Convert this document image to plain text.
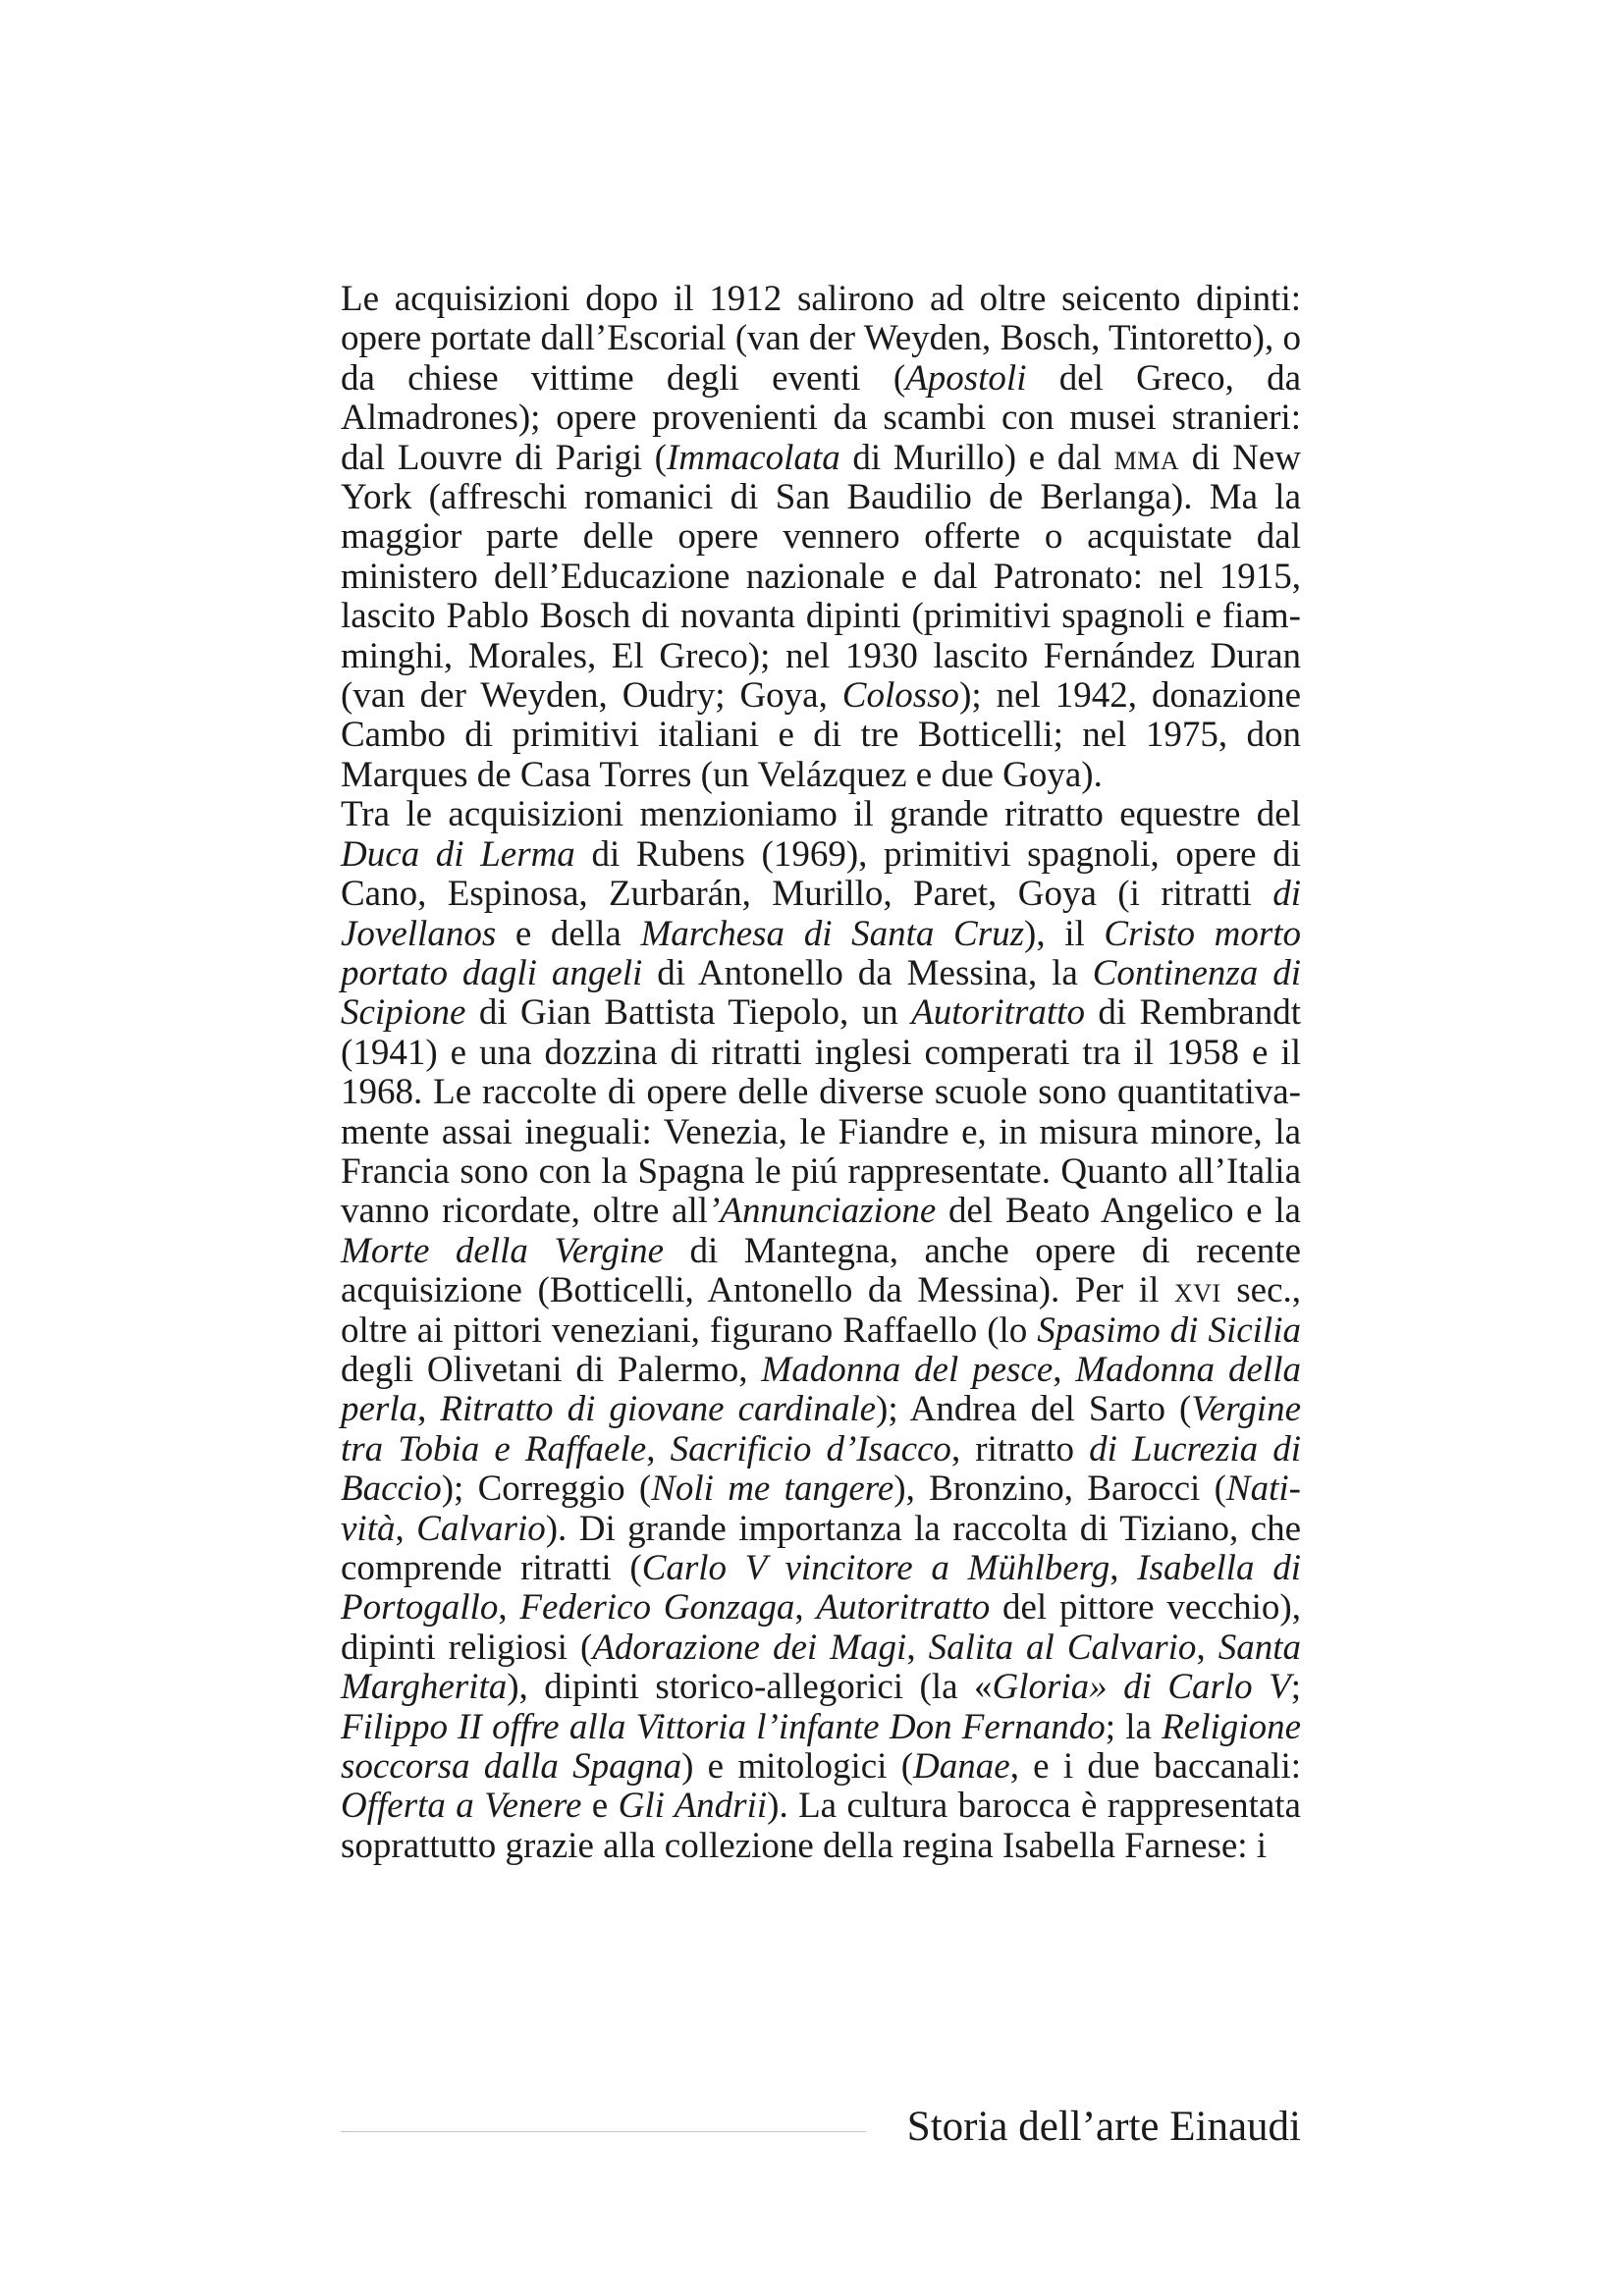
Le acquisizioni dopo il 1912 salirono ad oltre seicento dipinti: opere portate dall’Escorial (van der Weyden, Bosch, Tintoretto), o da chiese vittime degli eventi (Apostoli del Greco, da Almadrones); opere provenienti da scambi con musei stranieri: dal Louvre di Parigi (Immacolata di Murillo) e dal mma di New York (affreschi romanici di San Baudilio de Berlanga). Ma la maggior parte delle opere vennero offerte o acquistate dal ministero dell’Educazione nazionale e dal Patronato: nel 1915, lascito Pablo Bosch di novanta dipinti (primitivi spagnoli e fiamminghi, Morales, El Greco); nel 1930 lascito Fernández Duran (van der Weyden, Oudry; Goya, Colosso); nel 1942, donazione Cambo di primitivi italiani e di tre Botticelli; nel 1975, don Marques de Casa Torres (un Velázquez e due Goya).

Tra le acquisizioni menzioniamo il grande ritratto equestre del Duca di Lerma di Rubens (1969), primitivi spagnoli, opere di Cano, Espinosa, Zurbarán, Murillo, Paret, Goya (i ritratti di Jovellanos e della Marchesa di Santa Cruz), il Cristo morto portato dagli angeli di Antonello da Messina, la Continenza di Scipione di Gian Battista Tiepolo, un Autoritratto di Rembrandt (1941) e una dozzina di ritratti inglesi comperati tra il 1958 e il 1968. Le raccolte di opere delle diverse scuole sono quantitativamente assai ineguali: Venezia, le Fiandre e, in misura minore, la Francia sono con la Spagna le piú rappresentate. Quanto all’Italia vanno ricordate, oltre all’Annunciazione del Beato Angelico e la Morte della Vergine di Mantegna, anche opere di recente acquisizione (Botticelli, Antonello da Messina). Per il xvi sec., oltre ai pittori veneziani, figurano Raffaello (lo Spasimo di Sicilia degli Olivetani di Palermo, Madonna del pesce, Madonna della perla, Ritratto di giovane cardinale); Andrea del Sarto (Vergine tra Tobia e Raffaele, Sacrificio d’Isacco, ritratto di Lucrezia di Baccio); Correggio (Noli me tangere), Bronzino, Barocci (Natività, Calvario). Di grande importanza la raccolta di Tiziano, che comprende ritratti (Carlo V vincitore a Mühlberg, Isabella di Portogallo, Federico Gonzaga, Autoritratto del pittore vecchio), dipinti religiosi (Adorazione dei Magi, Salita al Calvario, Santa Margherita), dipinti storico-allegorici (la «Gloria» di Carlo V; Filippo II offre alla Vittoria l’infante Don Fernando; la Religione soccorsa dalla Spagna) e mitologici (Danae, e i due baccanali: Offerta a Venere e Gli Andrii). La cultura barocca è rappresentata soprattutto grazie alla collezione della regina Isabella Farnese: i

Storia dell’arte Einaudi
